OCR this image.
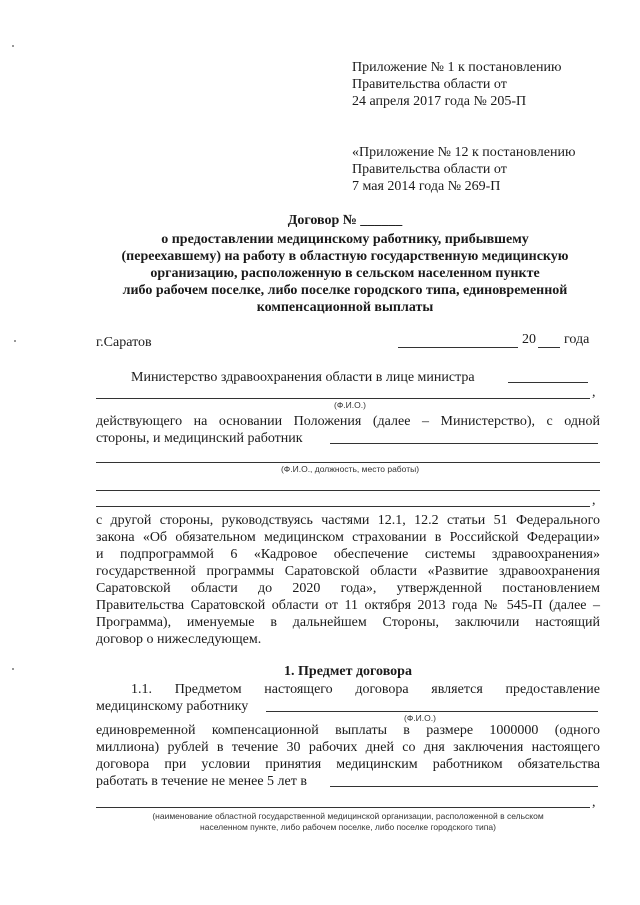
Приложение № 1 к постановлению
Правительства области от
24 апреля 2017 года № 205-П
«Приложение № 12 к постановлению
Правительства области от
7 мая 2014 года № 269-П
Договор № ______
о предоставлении медицинскому работнику, прибывшему
(переехавшему) на работу в областную государственную медицинскую
организацию, расположенную в сельском населенном пункте
либо рабочем поселке, либо поселке городского типа, единовременной
компенсационной выплаты
г.Саратов	20 года
Министерство здравоохранения области в лице министра
,
(Ф.И.О.)
действующего на основании Положения (далее – Министерство), с одной
стороны, и медицинский работник
(Ф.И.О., должность, место работы)
,
с другой стороны, руководствуясь частями 12.1, 12.2 статьи 51 Федерального
закона «Об обязательном медицинском страховании в Российской Федерации»
и подпрограммой 6 «Кадровое обеспечение системы здравоохранения»
государственной программы Саратовской области «Развитие здравоохранения
Саратовской области до 2020 года», утвержденной постановлением
Правительства Саратовской области от 11 октября 2013 года № 545-П (далее –
Программа), именуемые в дальнейшем Стороны, заключили настоящий
договор о нижеследующем.
1. Предмет договора
1.1. Предметом настоящего договора является предоставление
медицинскому работнику
(Ф.И.О.)
единовременной компенсационной выплаты в размере 1000000 (одного
миллиона) рублей в течение 30 рабочих дней со дня заключения настоящего
договора при условии принятия медицинским работником обязательства
работать в течение не менее 5 лет в
,
(наименование областной государственной медицинской организации, расположенной в сельском
населенном пункте, либо рабочем поселке, либо поселке городского типа)
